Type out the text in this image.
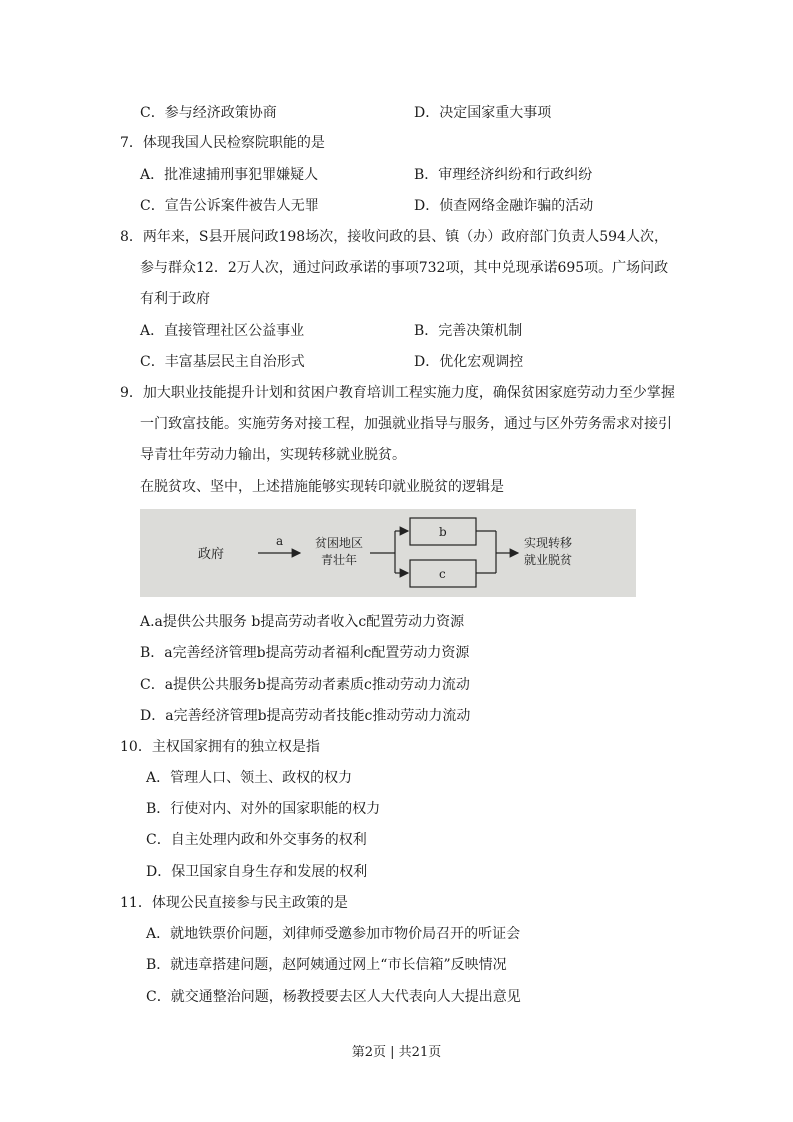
C．参与经济政策协商	D．决定国家重大事项
7．体现我国人民检察院职能的是
A．批准逮捕刑事犯罪嫌疑人	B．审理经济纠纷和行政纠纷
C．宣告公诉案件被告人无罪	D．侦查网络金融诈骗的活动
8．两年来，S县开展问政198场次，接收问政的县、镇（办）政府部门负责人594人次，
参与群众12．2万人次，通过问政承诺的事项732项，其中兑现承诺695项。广场问政
有利于政府
A．直接管理社区公益事业	B．完善决策机制
C．丰富基层民主自治形式	D．优化宏观调控
9．加大职业技能提升计划和贫困户教育培训工程实施力度，确保贫困家庭劳动力至少掌握
一门致富技能。实施劳务对接工程，加强就业指导与服务，通过与区外劳务需求对接引
导青壮年劳动力输出，实现转移就业脱贫。
在脱贫攻、坚中，上述措施能够实现转印就业脱贫的逻辑是
政府
a	贫困地区
青壮年
b
c
实现转移
就业脱贫
A.a提供公共服务 b提高劳动者收入c配置劳动力资源
B．a完善经济管理b提高劳动者福利c配置劳动力资源
C．a提供公共服务b提高劳动者素质c推动劳动力流动
D．a完善经济管理b提高劳动者技能c推动劳动力流动
10．主权国家拥有的独立权是指
A．管理人口、领土、政权的权力
B．行使对内、对外的国家职能的权力
C．自主处理内政和外交事务的权利
D．保卫国家自身生存和发展的权利
11．体现公民直接参与民主政策的是
A．就地铁票价问题，刘律师受邀参加市物价局召开的听证会
B．就违章搭建问题，赵阿姨通过网上“市长信箱”反映情况
C．就交通整治问题，杨教授要去区人大代表向人大提出意见
第2页 | 共21页
